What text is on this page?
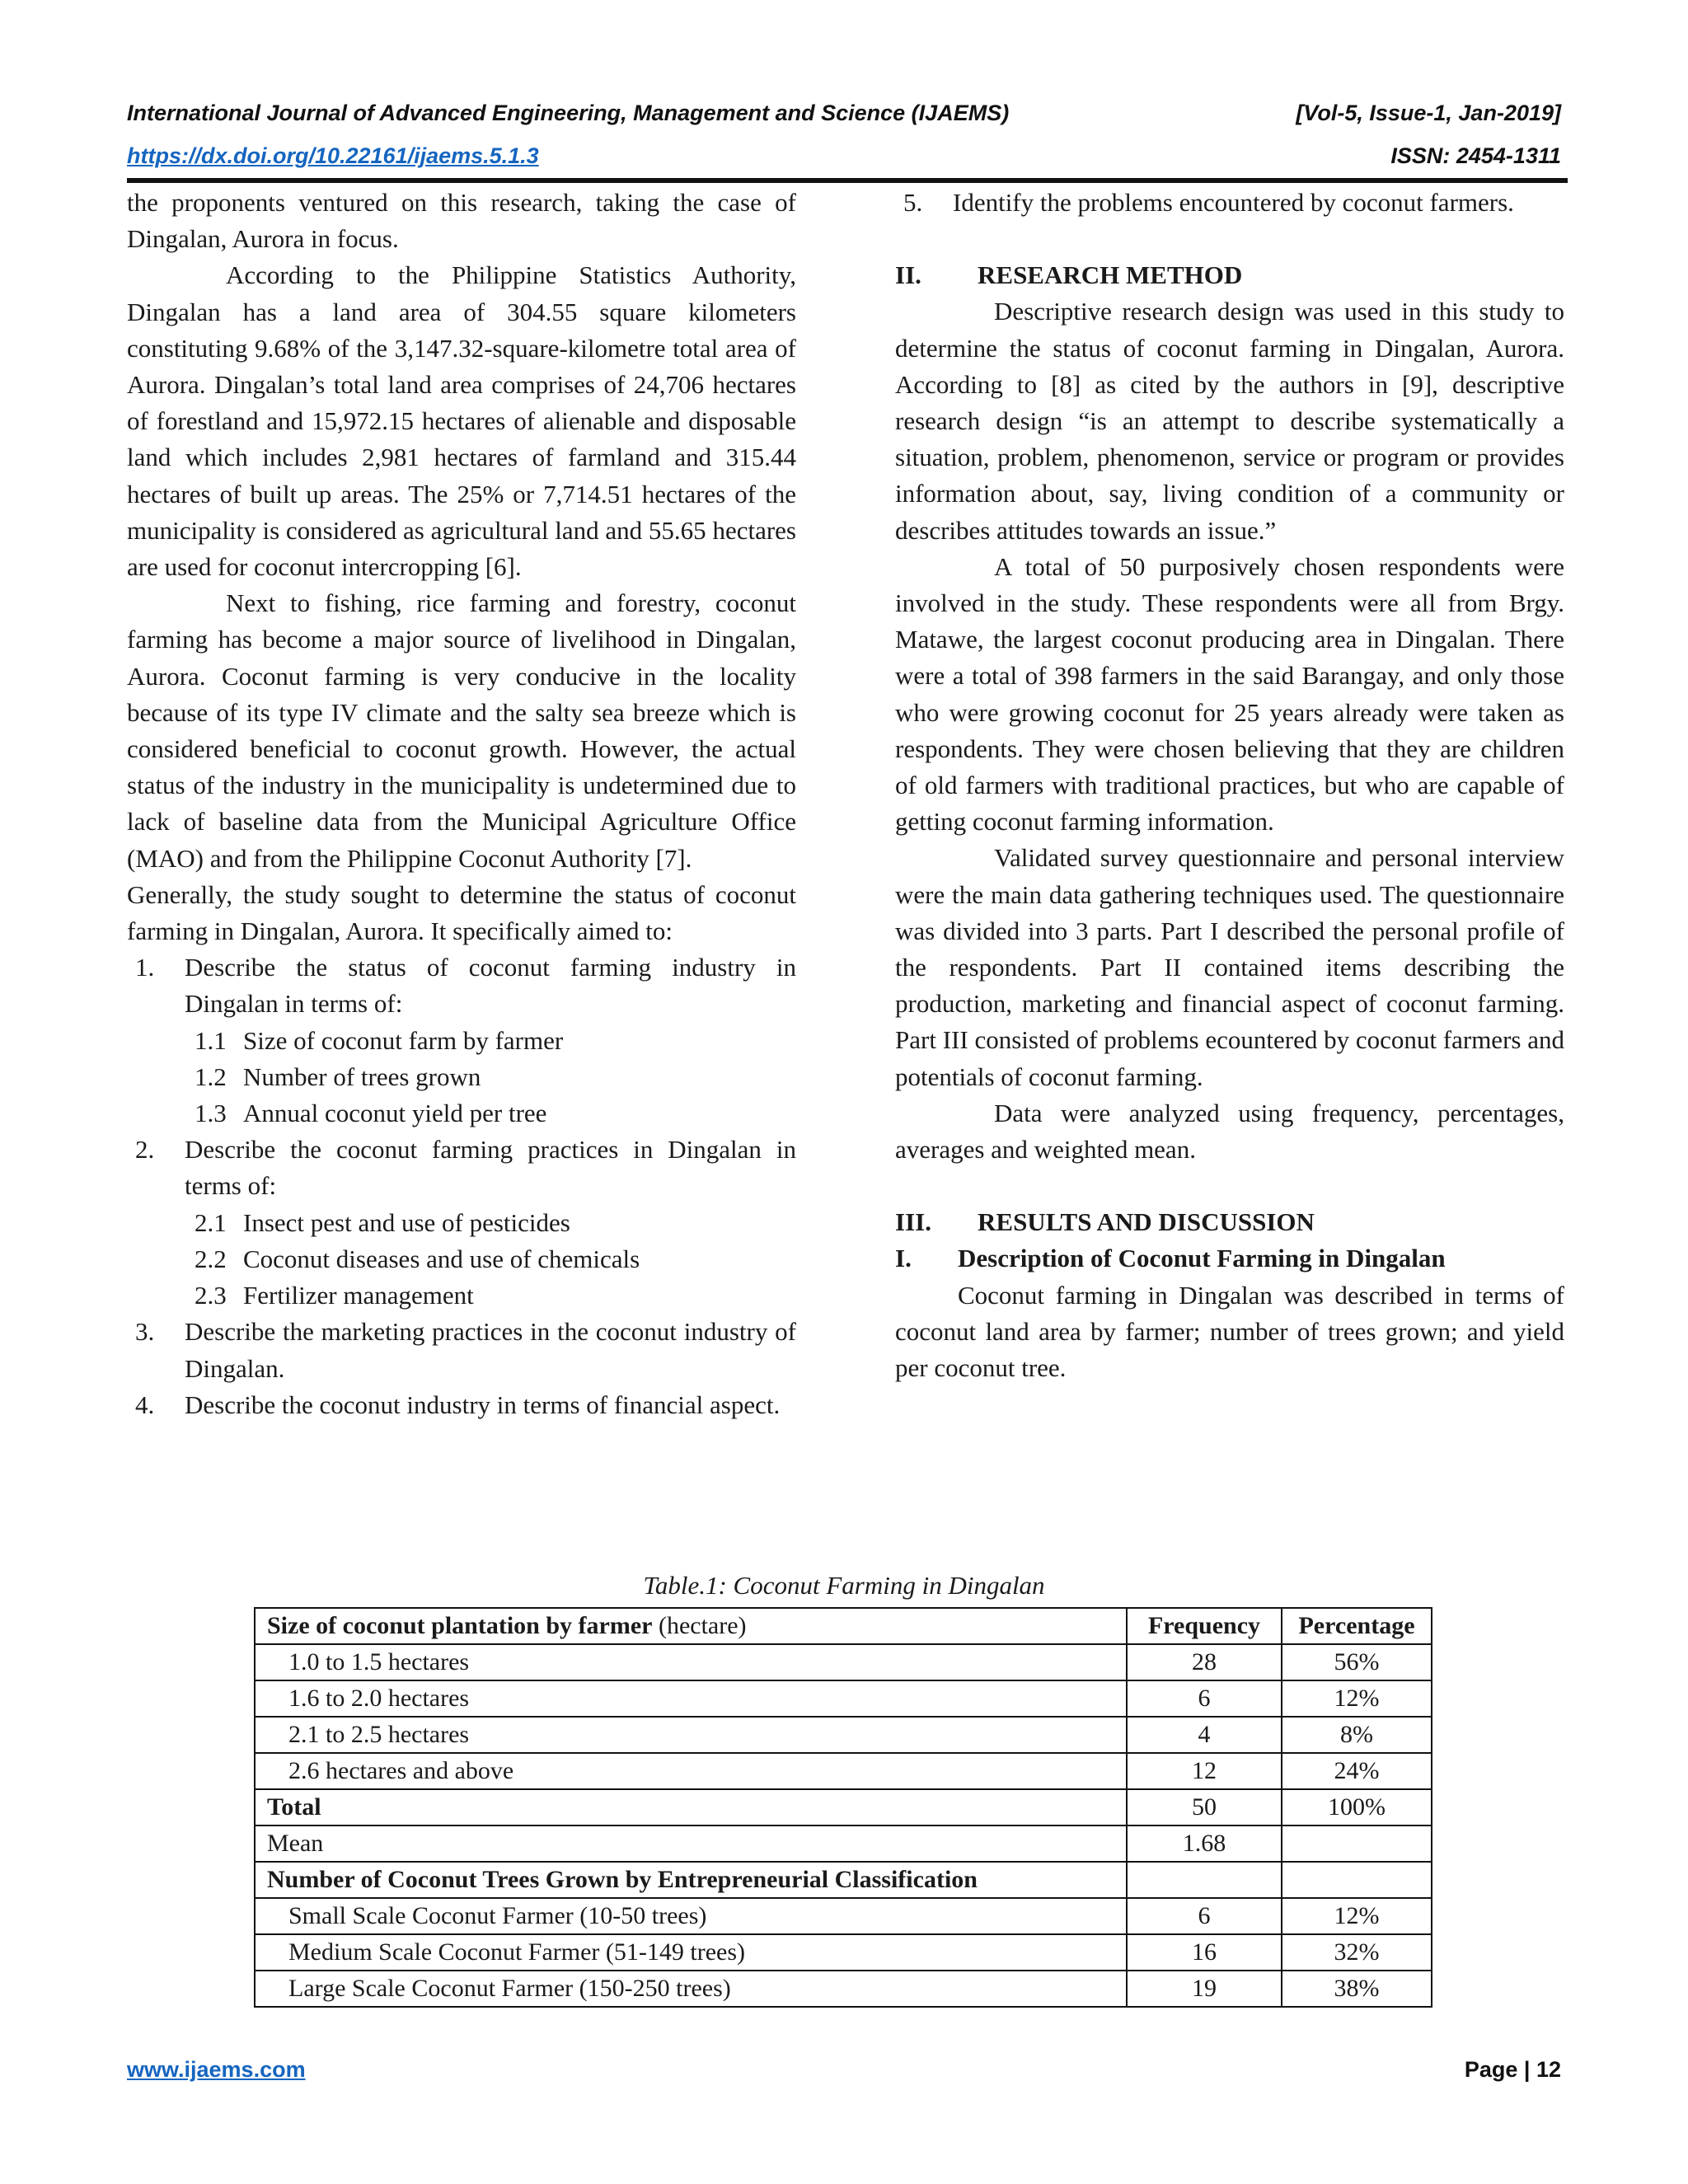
International Journal of Advanced Engineering, Management and Science (IJAEMS)	[Vol-5, Issue-1, Jan-2019]
https://dx.doi.org/10.22161/ijaems.5.1.3	ISSN: 2454-1311

the proponents ventured on this research, taking the case of Dingalan, Aurora in focus.

According to the Philippine Statistics Authority, Dingalan has a land area of 304.55 square kilometers constituting 9.68% of the 3,147.32-square-kilometre total area of Aurora. Dingalan’s total land area comprises of 24,706 hectares of forestland and 15,972.15 hectares of alienable and disposable land which includes 2,981 hectares of farmland and 315.44 hectares of built up areas. The 25% or 7,714.51 hectares of the municipality is considered as agricultural land and 55.65 hectares are used for coconut intercropping [6].

Next to fishing, rice farming and forestry, coconut farming has become a major source of livelihood in Dingalan, Aurora. Coconut farming is very conducive in the locality because of its type IV climate and the salty sea breeze which is considered beneficial to coconut growth. However, the actual status of the industry in the municipality is undetermined due to lack of baseline data from the Municipal Agriculture Office (MAO) and from the Philippine Coconut Authority [7].

Generally, the study sought to determine the status of coconut farming in Dingalan, Aurora. It specifically aimed to:

1. Describe the status of coconut farming industry in Dingalan in terms of:
1.1 Size of coconut farm by farmer
1.2 Number of trees grown
1.3 Annual coconut yield per tree
2. Describe the coconut farming practices in Dingalan in terms of:
2.1 Insect pest and use of pesticides
2.2 Coconut diseases and use of chemicals
2.3 Fertilizer management
3. Describe the marketing practices in the coconut industry of Dingalan.
4. Describe the coconut industry in terms of financial aspect.
5. Identify the problems encountered by coconut farmers.

II. RESEARCH METHOD

Descriptive research design was used in this study to determine the status of coconut farming in Dingalan, Aurora. According to [8] as cited by the authors in [9], descriptive research design “is an attempt to describe systematically a situation, problem, phenomenon, service or program or provides information about, say, living condition of a community or describes attitudes towards an issue.”

A total of 50 purposively chosen respondents were involved in the study. These respondents were all from Brgy. Matawe, the largest coconut producing area in Dingalan. There were a total of 398 farmers in the said Barangay, and only those who were growing coconut for 25 years already were taken as respondents. They were chosen believing that they are children of old farmers with traditional practices, but who are capable of getting coconut farming information.

Validated survey questionnaire and personal interview were the main data gathering techniques used. The questionnaire was divided into 3 parts. Part I described the personal profile of the respondents. Part II contained items describing the production, marketing and financial aspect of coconut farming. Part III consisted of problems ecountered by coconut farmers and potentials of coconut farming.

Data were analyzed using frequency, percentages, averages and weighted mean.

III. RESULTS AND DISCUSSION

I. Description of Coconut Farming in Dingalan

Coconut farming in Dingalan was described in terms of coconut land area by farmer; number of trees grown; and yield per coconut tree.

Table.1: Coconut Farming in Dingalan
Size of coconut plantation by farmer (hectare)	Frequency	Percentage
1.0 to 1.5 hectares	28	56%
1.6 to 2.0 hectares	6	12%
2.1 to 2.5 hectares	4	8%
2.6 hectares and above	12	24%
Total	50	100%
Mean	1.68	
Number of Coconut Trees Grown by Entrepreneurial Classification		
Small Scale Coconut Farmer (10-50 trees)	6	12%
Medium Scale Coconut Farmer (51-149 trees)	16	32%
Large Scale Coconut Farmer (150-250 trees)	19	38%
www.ijaems.com	Page | 12
